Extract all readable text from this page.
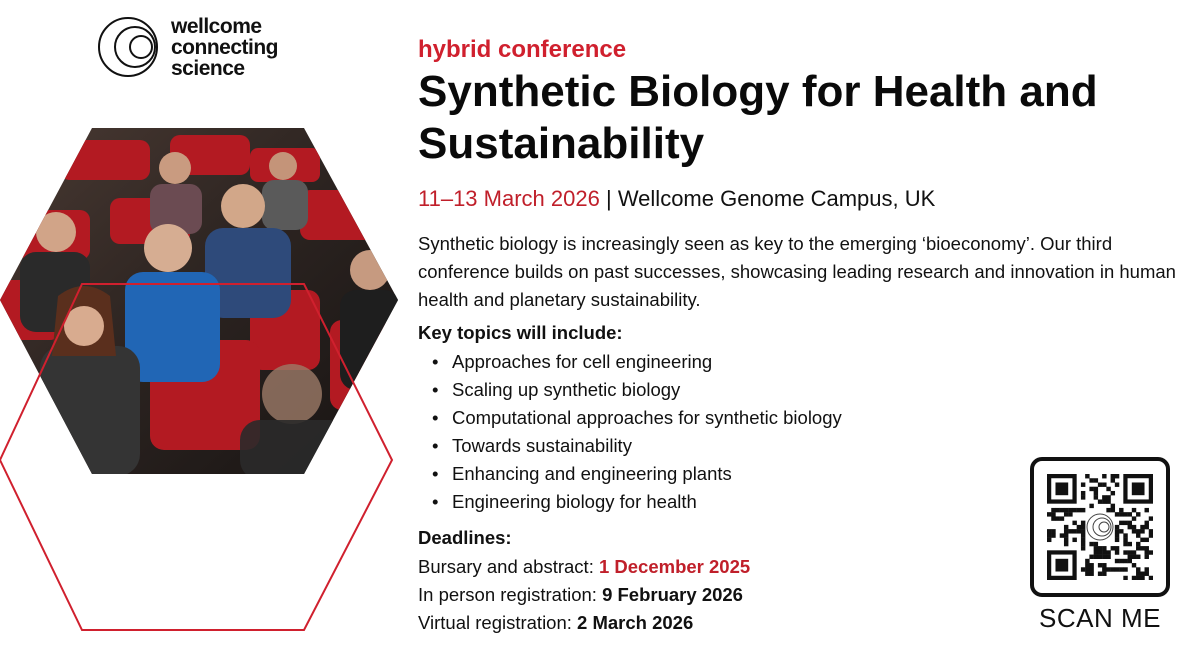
wellcome
connecting
science
hybrid conference
Synthetic Biology for Health and Sustainability
11–13 March 2026 | Wellcome Genome Campus, UK

Synthetic biology is increasingly seen as key to the emerging ‘bioeconomy’. Our third conference builds on past successes, showcasing leading research and innovation in human health and planetary sustainability.

Key topics will include:
• Approaches for cell engineering
• Scaling up synthetic biology
• Computational approaches for synthetic biology
• Towards sustainability
• Enhancing and engineering plants
• Engineering biology for health
Deadlines:
Bursary and abstract: 1 December 2025
In person registration: 9 February 2026
Virtual registration: 2 March 2026	SCAN ME
